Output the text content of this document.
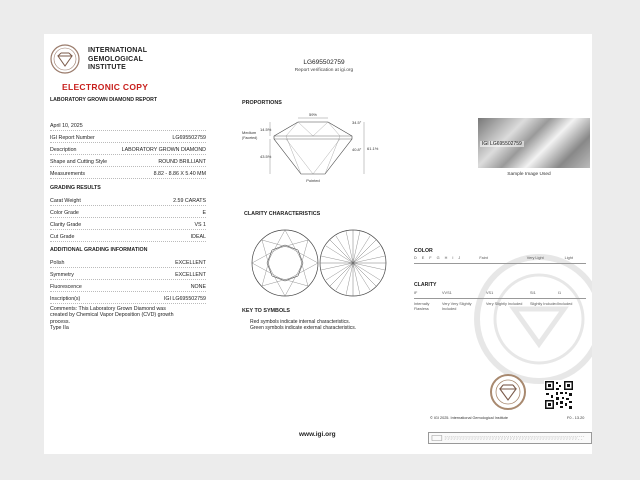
INTERNATIONAL
GEMOLOGICAL
INSTITUTE
ELECTRONIC COPY
LABORATORY GROWN DIAMOND REPORT
April 10, 2025
IGI Report Number	LG695502759
Description	LABORATORY GROWN DIAMOND
Shape and Cutting Style	ROUND BRILLIANT
Measurements	8.82 - 8.86 X 5.40 MM
GRADING RESULTS
Carat Weight	2.59 CARATS
Color Grade	E
Clarity Grade	VS 1
Cut Grade	IDEAL
ADDITIONAL GRADING INFORMATION
Polish	EXCELLENT
Symmetry	EXCELLENT
Fluorescence	NONE
Inscription(s)	IGI LG695502759
Comments: This Laboratory Grown Diamond was
created by Chemical Vapor Deposition (CVD) growth
process.
Type IIa
LG695502759
Report verification at igi.org
PROPORTIONS
59%
34.5°
40.8° 61.1%
14.5%
43.5%
Medium
(Faceted)
Pointed
CLARITY CHARACTERISTICS
KEY TO SYMBOLS
Red symbols indicate internal characteristics.
Green symbols indicate external characteristics.
IGI LG695502759
Sample Image Used
COLOR
D E F G H I J	Faint	Very Light	Light
CLARITY
IF	VVS1	VS1	SI1	I1
Internally Flawless
Very Very Slightly Included
Very Slightly Included	Slightly Included Included
© IGI 2025. International Gemological Institute	F0 - 13.20
www.igi.org
